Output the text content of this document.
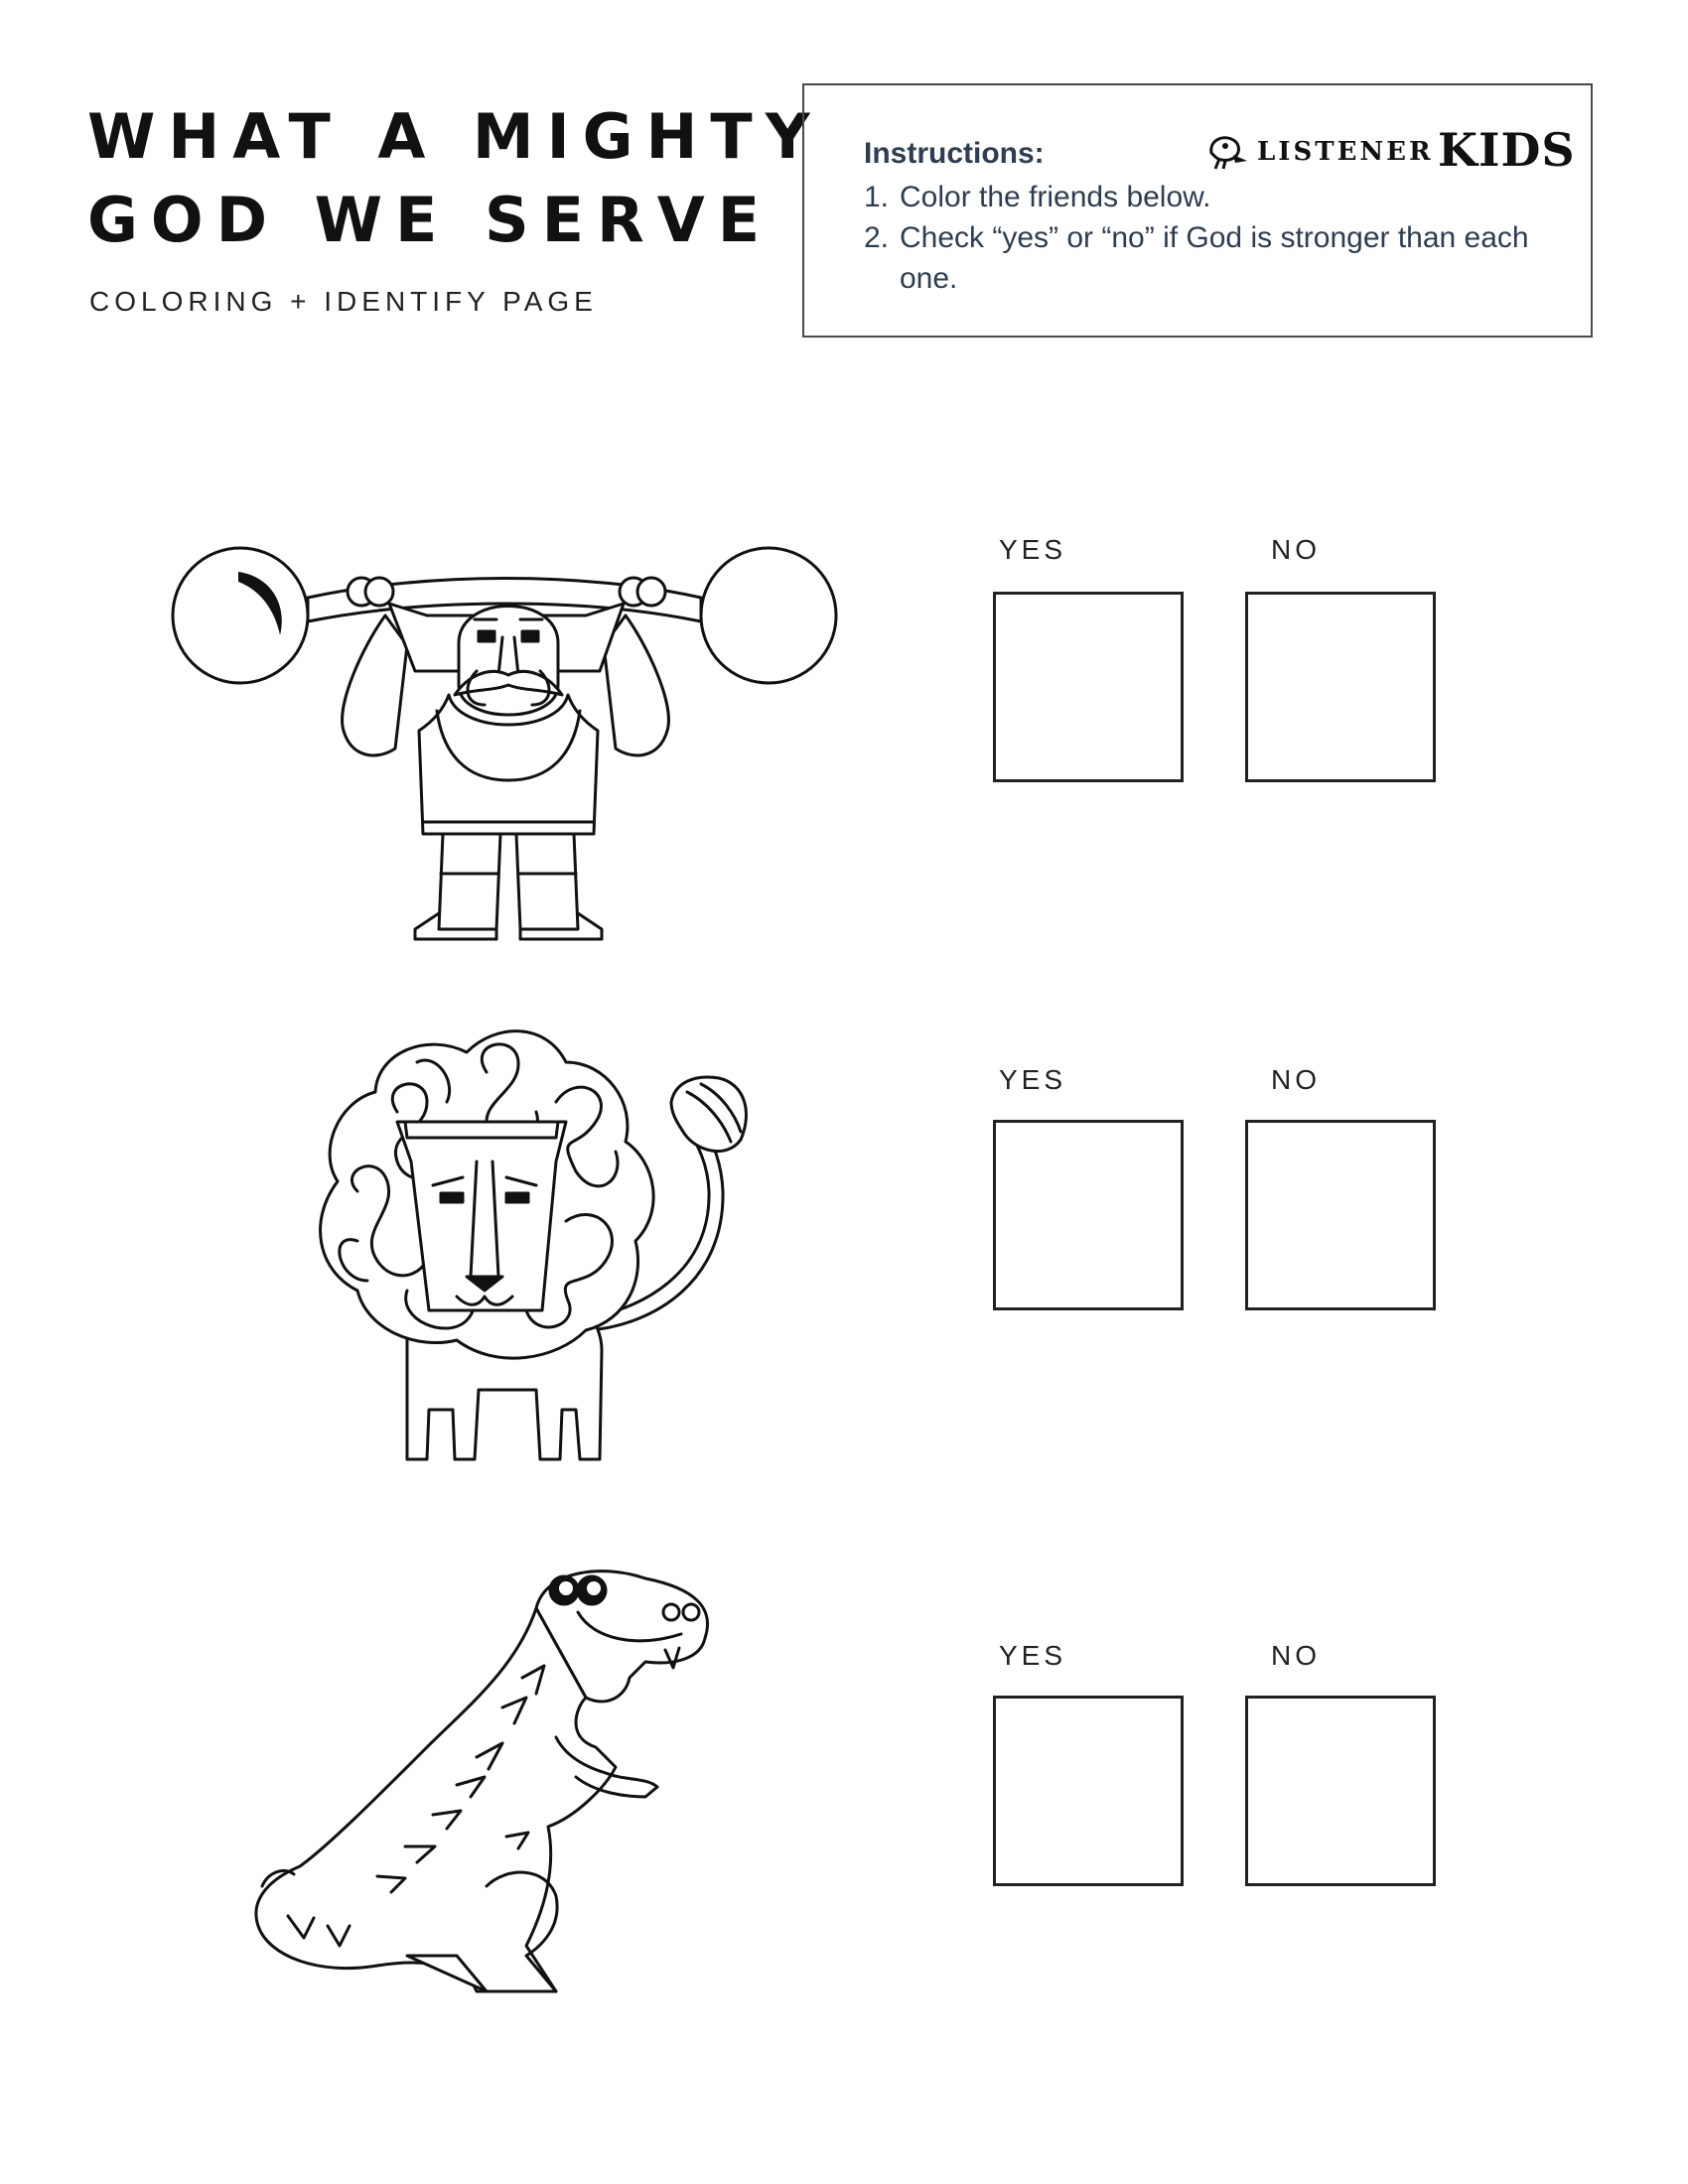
WHAT A MIGHTY
GOD WE SERVE
COLORING + IDENTIFY PAGE
Instructions:
1. Color the friends below.
2. Check “yes” or “no” if God is stronger than each one.
LISTENER KIDS
YES	NO
YES	NO
YES	NO
